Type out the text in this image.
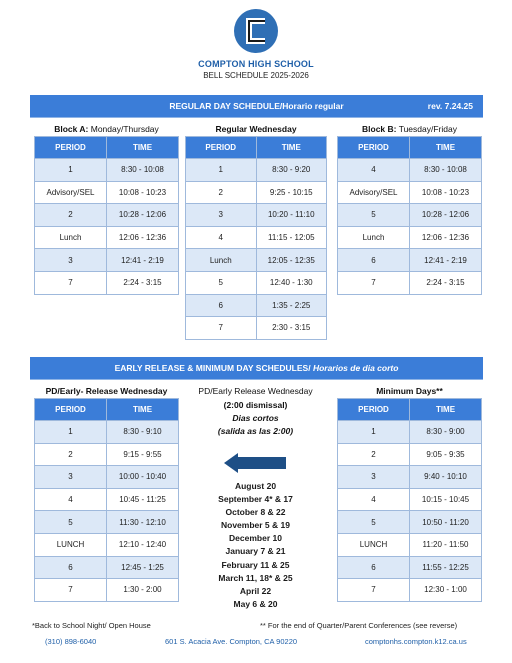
COMPTON HIGH SCHOOL
BELL SCHEDULE 2025-2026
REGULAR DAY SCHEDULE/Horario regular	rev. 7.24.25
Block A: Monday/Thursday	Regular Wednesday	Block B: Tuesday/Friday
PERIOD	TIME
1	8:30 - 10:08
Advisory/SEL	10:08 - 10:23
2	10:28 - 12:06
Lunch	12:06 - 12:36
3	12:41 - 2:19
7	2:24 - 3:15
PERIOD	TIME
1	8:30 - 9:20
2	9:25 - 10:15
3	10:20 - 11:10
4	11:15 - 12:05
Lunch	12:05 - 12:35
5	12:40 - 1:30
6	1:35 - 2:25
7	2:30 - 3:15
PERIOD	TIME
4	8:30 - 10:08
Advisory/SEL	10:08 - 10:23
5	10:28 - 12:06
Lunch	12:06 - 12:36
6	12:41 - 2:19
7	2:24 - 3:15
EARLY RELEASE & MINIMUM DAY SCHEDULES/ Horarios de dia corto
PD/Early- Release Wednesday	Minimum Days**
PERIOD	TIME
1	8:30 - 9:10
2	9:15 - 9:55
3	10:00 - 10:40
4	10:45 - 11:25
5	11:30 - 12:10
LUNCH	12:10 - 12:40
6	12:45 - 1:25
7	1:30 - 2:00
PERIOD	TIME
1	8:30 - 9:00
2	9:05 - 9:35
3	9:40 - 10:10
4	10:15 - 10:45
5	10:50 - 11:20
LUNCH	11:20 - 11:50
6	11:55 - 12:25
7	12:30 - 1:00
PD/Early Release Wednesday
(2:00 dismissal)
Dias cortos
(salida as las 2:00)
August 20
September 4* & 17
October 8 & 22
November 5 & 19
December 10
January 7 & 21
February 11 & 25
March 11, 18* & 25
April 22
May 6 & 20
*Back to School Night/ Open House	** For the end of Quarter/Parent Conferences (see reverse)
(310) 898-6040	601 S. Acacia Ave. Compton, CA 90220	comptonhs.compton.k12.ca.us
